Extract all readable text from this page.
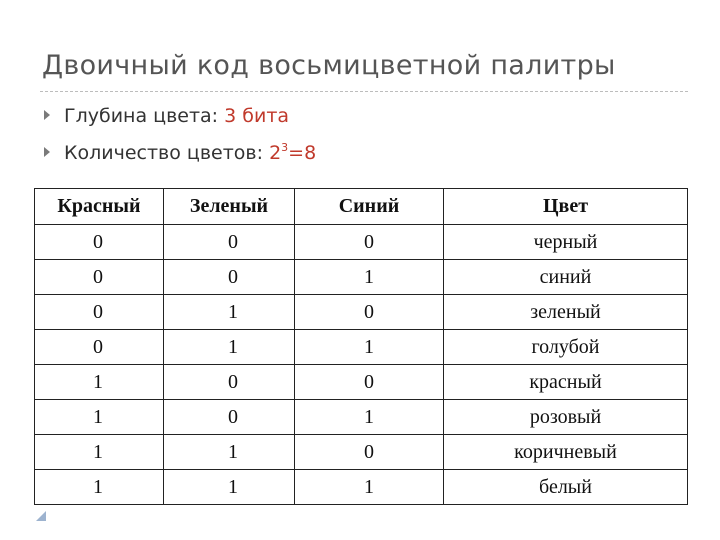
Двоичный код восьмицветной палитры
Глубина цвета: 3 бита
Количество цветов: $2^3=8$
Красный	Зеленый	Синий	Цвет
0	0	0	черный
0	0	1	синий
0	1	0	зеленый
0	1	1	голубой
1	0	0	красный
1	0	1	розовый
1	1	0	коричневый
1	1	1	белый
